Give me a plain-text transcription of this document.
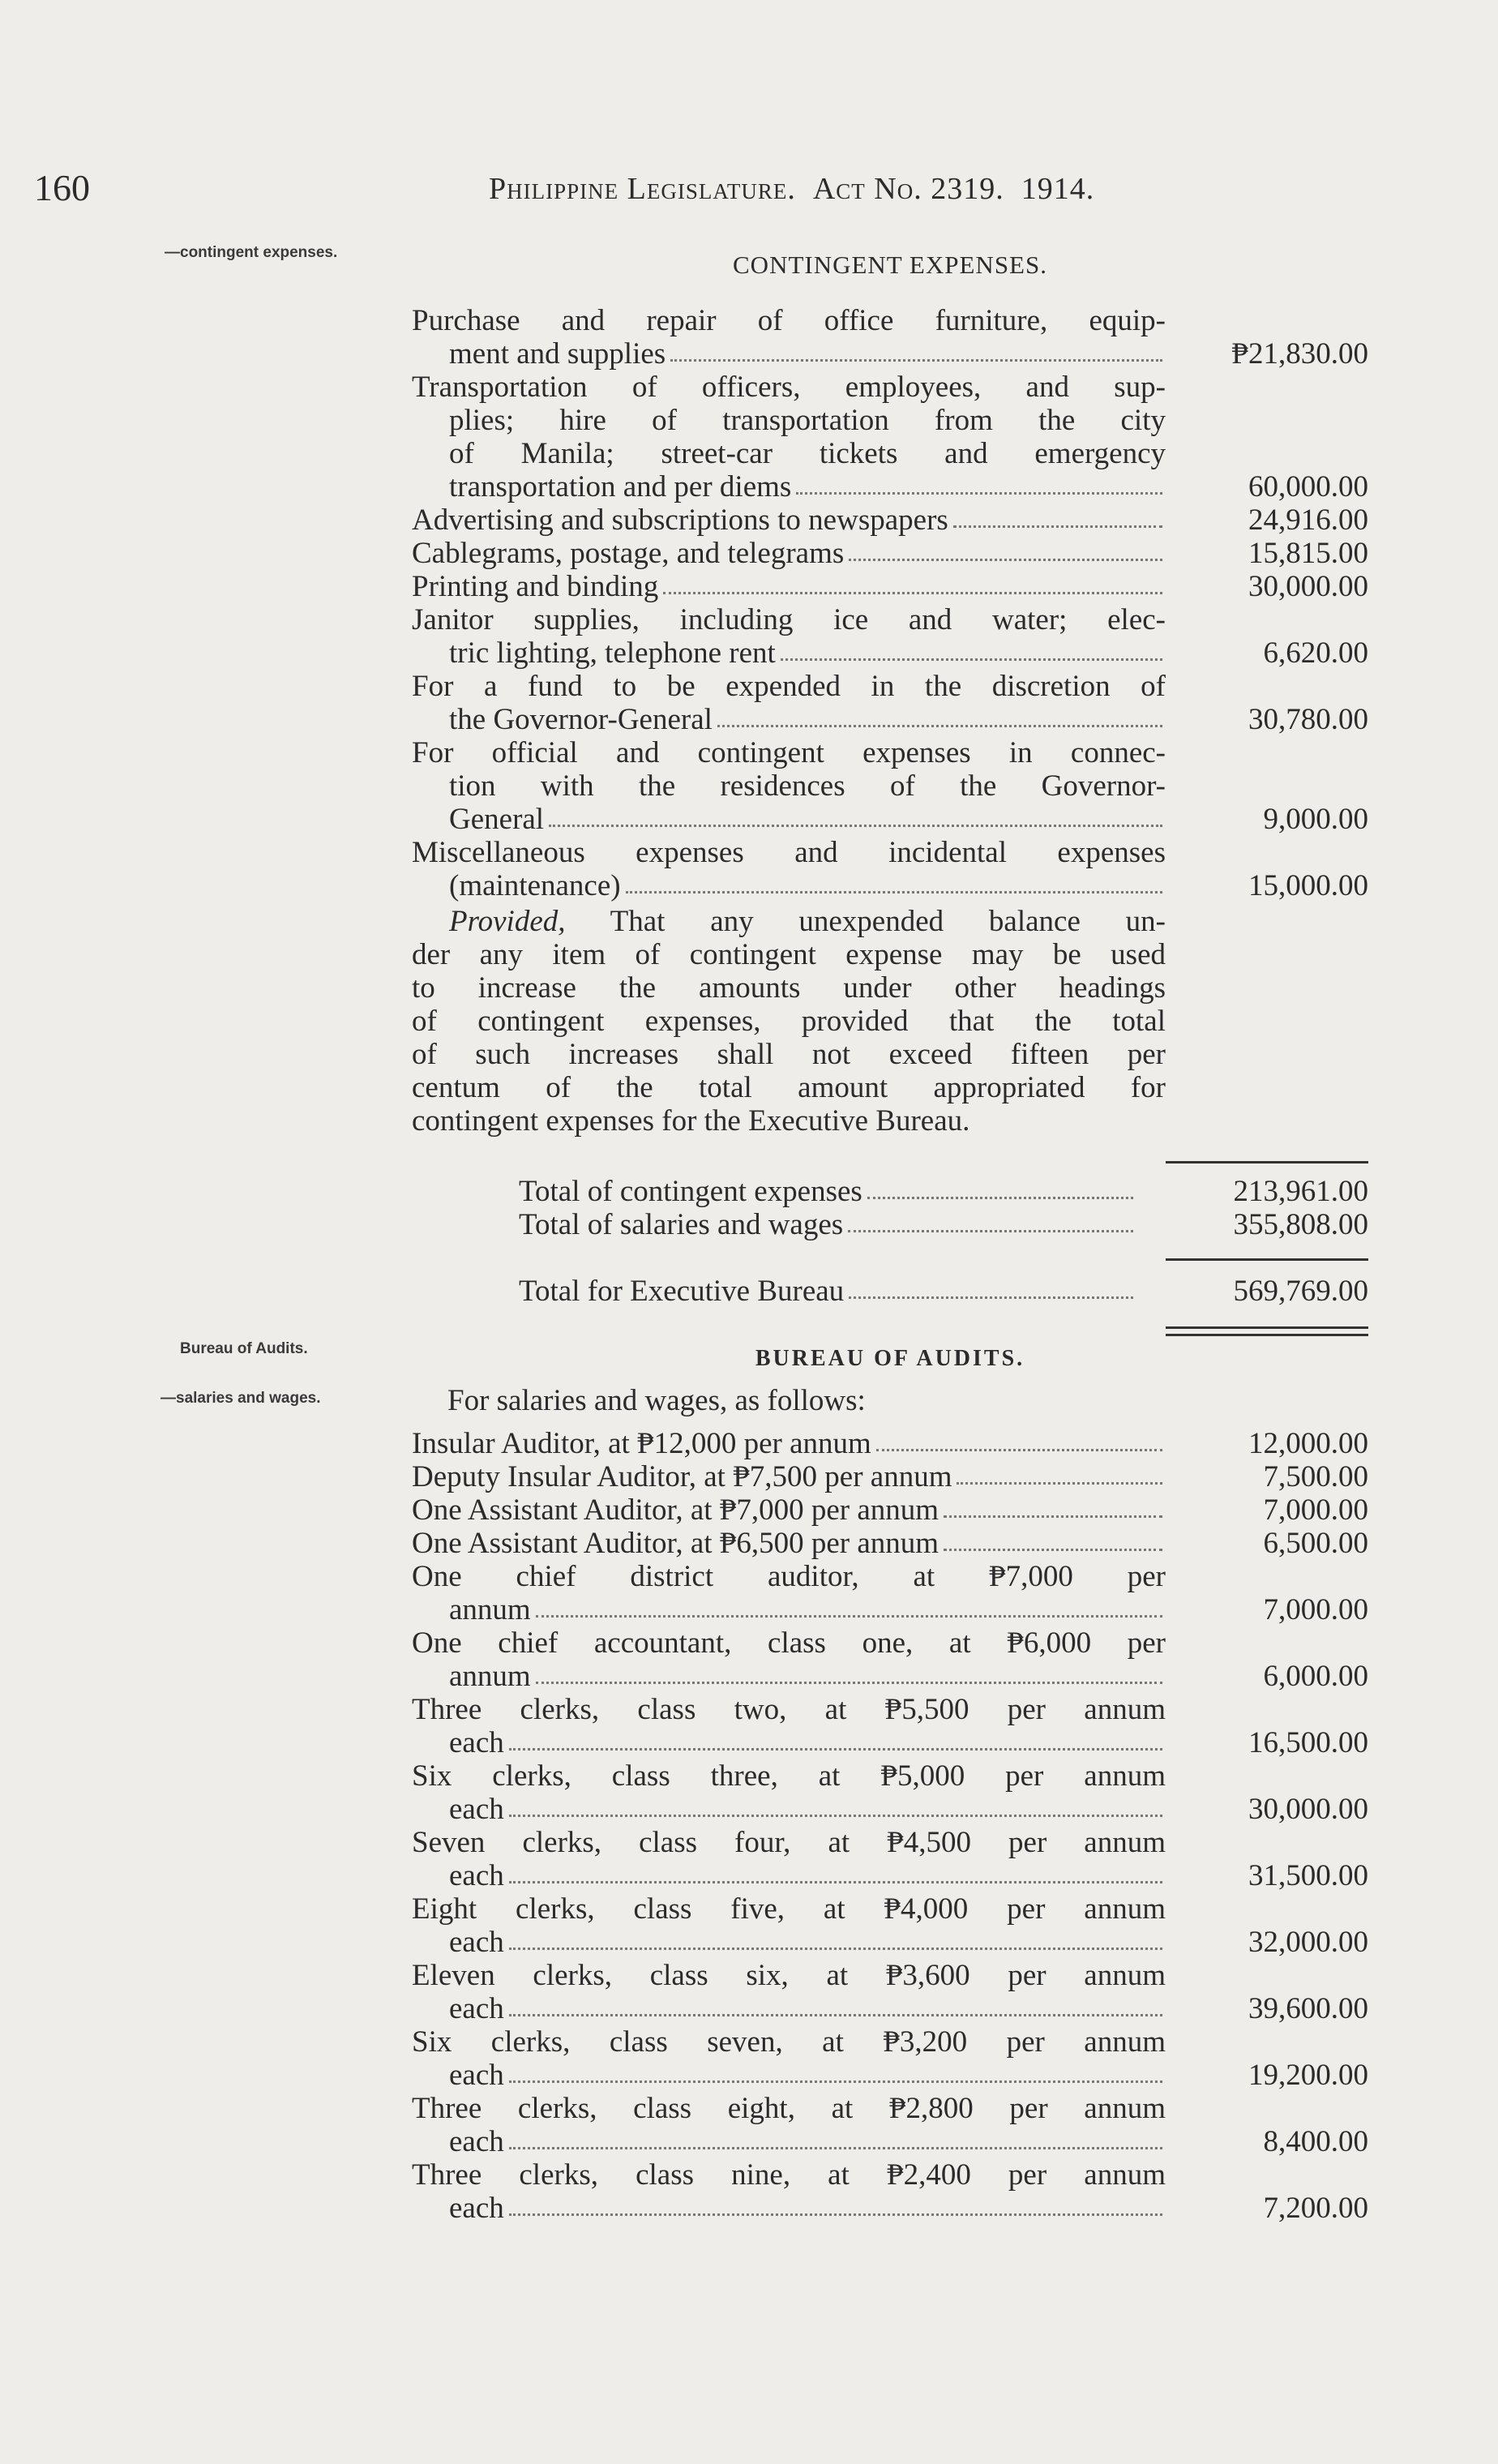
160	Philippine Legislature. Act No. 2319. 1914.
—contingent expenses.	CONTINGENT EXPENSES.
Purchase and repair of office furniture, equip-
ment and supplies	₱21,830.00
Transportation of officers, employees, and sup-
plies; hire of transportation from the city
of Manila; street-car tickets and emergency
transportation and per diems	60,000.00
Advertising and subscriptions to newspapers	24,916.00
Cablegrams, postage, and telegrams	15,815.00
Printing and binding	30,000.00
Janitor supplies, including ice and water; elec-
tric lighting, telephone rent	6,620.00
For a fund to be expended in the discretion of
the Governor-General	30,780.00
For official and contingent expenses in connec-
tion with the residences of the Governor-
General	9,000.00
Miscellaneous expenses and incidental expenses
(maintenance)	15,000.00
Provided, That any unexpended balance un-
der any item of contingent expense may be used
to increase the amounts under other headings
of contingent expenses, provided that the total
of such increases shall not exceed fifteen per
centum of the total amount appropriated for
contingent expenses for the Executive Bureau.
Total of contingent expenses	213,961.00
Total of salaries and wages	355,808.00
Total for Executive Bureau	569,769.00
Bureau of Audits.	BUREAU OF AUDITS.
—salaries and wages.	For salaries and wages, as follows:
Insular Auditor, at ₱12,000 per annum	12,000.00
Deputy Insular Auditor, at ₱7,500 per annum	7,500.00
One Assistant Auditor, at ₱7,000 per annum	7,000.00
One Assistant Auditor, at ₱6,500 per annum	6,500.00
One chief district auditor, at ₱7,000 per
annum	7,000.00
One chief accountant, class one, at ₱6,000 per
annum	6,000.00
Three clerks, class two, at ₱5,500 per annum
each	16,500.00
Six clerks, class three, at ₱5,000 per annum
each	30,000.00
Seven clerks, class four, at ₱4,500 per annum
each	31,500.00
Eight clerks, class five, at ₱4,000 per annum
each	32,000.00
Eleven clerks, class six, at ₱3,600 per annum
each	39,600.00
Six clerks, class seven, at ₱3,200 per annum
each	19,200.00
Three clerks, class eight, at ₱2,800 per annum
each	8,400.00
Three clerks, class nine, at ₱2,400 per annum
each	7,200.00
